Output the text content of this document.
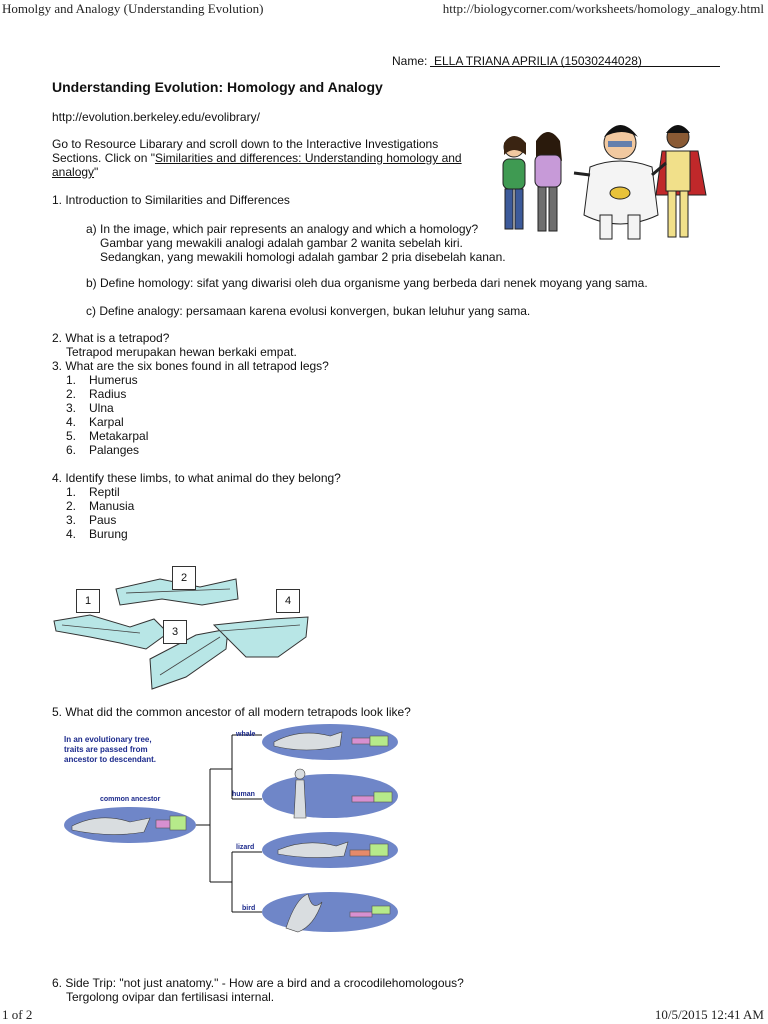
Homolgy and Analogy (Understanding Evolution)	http://biologycorner.com/worksheets/homology_analogy.html
1 of 2	10/5/2015 12:41 AM
Name: ELLA TRIANA APRILIA (15030244028)
Understanding Evolution: Homology and Analogy
http://evolution.berkeley.edu/evolibrary/
Go to Resource Libarary and scroll down to the Interactive Investigations
Sections. Click on "Similarities and differences: Understanding homology and
analogy"
1. Introduction to Similarities and Differences
a) In the image, which pair represents an analogy and which a homology?
Gambar yang mewakili analogi adalah gambar 2 wanita sebelah kiri.
Sedangkan, yang mewakili homologi adalah gambar 2 pria disebelah kanan.
b) Define homology: sifat yang diwarisi oleh dua organisme yang berbeda dari nenek moyang yang sama.
c) Define analogy: persamaan karena evolusi konvergen, bukan leluhur yang sama.
2. What is a tetrapod?
Tetrapod merupakan hewan berkaki empat.
3. What are the six bones found in all tetrapod legs?
1. Humerus
2. Radius
3. Ulna
4. Karpal
5. Metakarpal
6. Palanges
4. Identify these limbs, to what animal do they belong?
1. Reptil
2. Manusia
3. Paus
4. Burung
1
2
3
4
5. What did the common ancestor of all modern tetrapods look like?
In an evolutionary tree,
traits are passed from
ancestor to descendant.
common ancestor
whale
human
lizard
bird
6. Side Trip: "not just anatomy." - How are a bird and a crocodilehomologous?
Tergolong ovipar dan fertilisasi internal.
